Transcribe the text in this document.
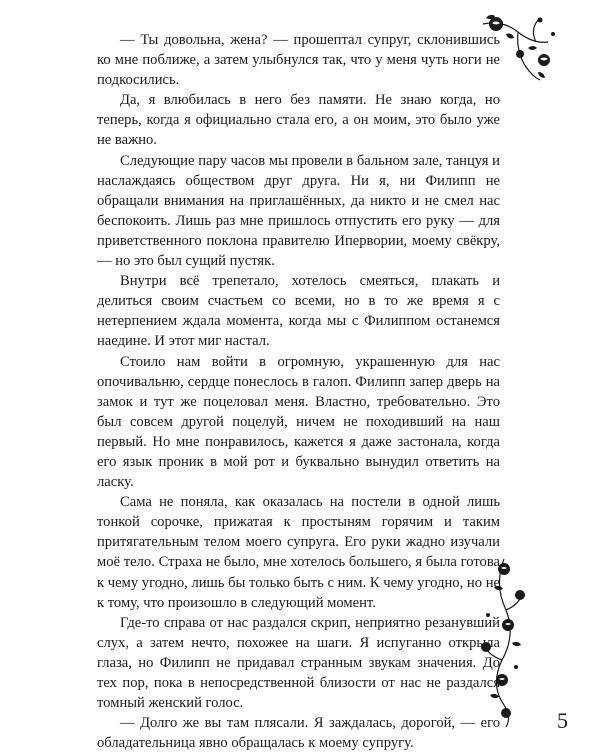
— Ты довольна, жена? — прошептал супруг, склонившись ко мне поближе, а затем улыбнулся так, что у меня чуть ноги не подкосились.

Да, я влюбилась в него без памяти. Не знаю когда, но теперь, когда я официально стала его, а он моим, это было уже не важно.

Следующие пару часов мы провели в бальном зале, танцуя и наслаждаясь обществом друг друга. Ни я, ни Филипп не обращали внимания на приглашённых, да никто и не смел нас беспокоить. Лишь раз мне пришлось отпустить его руку — для приветственного поклона правителю Ипервории, моему свёкру, — но это был сущий пустяк.

Внутри всё трепетало, хотелось смеяться, плакать и делиться своим счастьем со всеми, но в то же время я с нетерпением ждала момента, когда мы с Филиппом останемся наедине. И этот миг настал.

Стоило нам войти в огромную, украшенную для нас опочивальню, сердце понеслось в галоп. Филипп запер дверь на замок и тут же поцеловал меня. Властно, требовательно. Это был совсем другой поцелуй, ничем не походивший на наш первый. Но мне понравилось, кажется я даже застонала, когда его язык проник в мой рот и буквально вынудил ответить на ласку.

Сама не поняла, как оказалась на постели в одной лишь тонкой сорочке, прижатая к простыням горячим и таким притягательным телом моего супруга. Его руки жадно изучали моё тело. Страха не было, мне хотелось большего, я была готова к чему угодно, лишь бы только быть с ним. К чему угодно, но не к тому, что произошло в следующий момент.

Где-то справа от нас раздался скрип, неприятно резанувший слух, а затем нечто, похожее на шаги. Я испуганно открыла глаза, но Филипп не придавал странным звукам значения. До тех пор, пока в непосредственной близости от нас не раздался томный женский голос.

— Долго же вы там плясали. Я заждалась, дорогой, — его обладательница явно обращалась к моему супругу.

5
